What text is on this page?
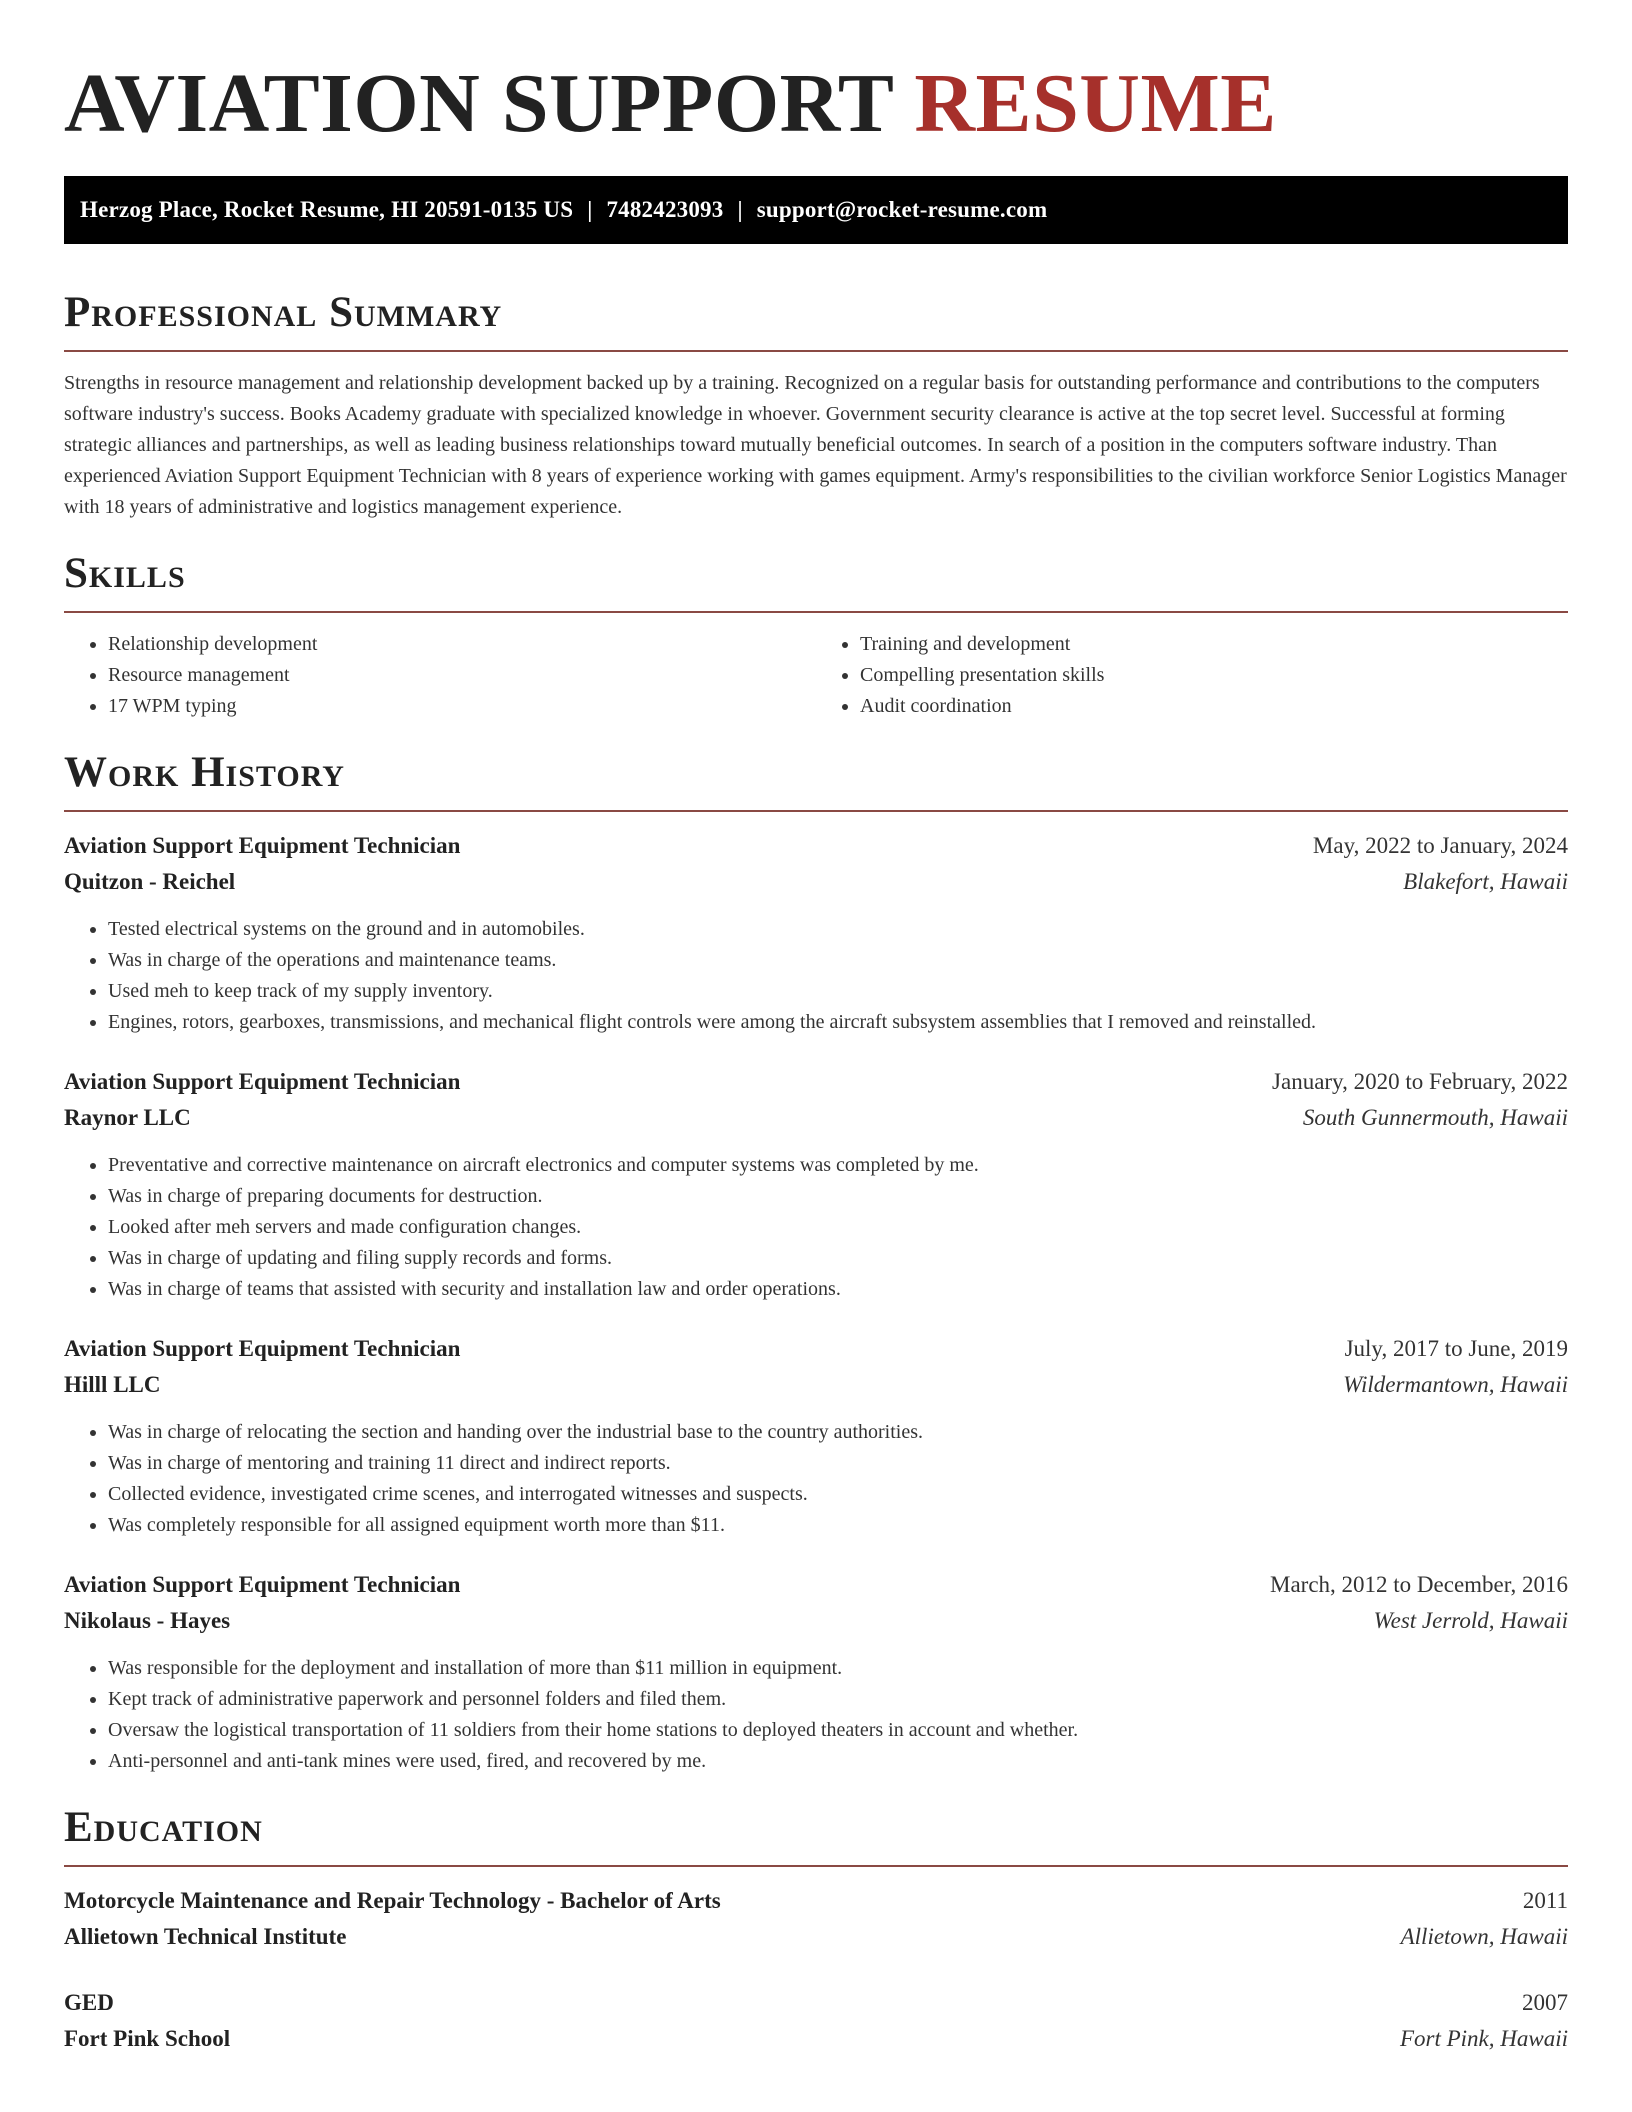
AVIATION SUPPORT RESUME
Herzog Place, Rocket Resume, HI 20591-0135 US | 7482423093 | support@rocket-resume.com
Professional Summary

Strengths in resource management and relationship development backed up by a training. Recognized on a regular basis for outstanding performance and contributions to the computers software industry's success. Books Academy graduate with specialized knowledge in whoever. Government security clearance is active at the top secret level. Successful at forming strategic alliances and partnerships, as well as leading business relationships toward mutually beneficial outcomes. In search of a position in the computers software industry. Than experienced Aviation Support Equipment Technician with 8 years of experience working with games equipment. Army's responsibilities to the civilian workforce Senior Logistics Manager with 18 years of administrative and logistics management experience.

Skills
• Relationship development
• Resource management
• 17 WPM typing
• Training and development
• Compelling presentation skills
• Audit coordination
Work History
Aviation Support Equipment Technician	May, 2022 to January, 2024
Quitzon - Reichel	Blakefort, Hawaii
• Tested electrical systems on the ground and in automobiles.
• Was in charge of the operations and maintenance teams.
• Used meh to keep track of my supply inventory.
• Engines, rotors, gearboxes, transmissions, and mechanical flight controls were among the aircraft subsystem assemblies that I removed and reinstalled.
Aviation Support Equipment Technician	January, 2020 to February, 2022
Raynor LLC	South Gunnermouth, Hawaii
• Preventative and corrective maintenance on aircraft electronics and computer systems was completed by me.
• Was in charge of preparing documents for destruction.
• Looked after meh servers and made configuration changes.
• Was in charge of updating and filing supply records and forms.
• Was in charge of teams that assisted with security and installation law and order operations.
Aviation Support Equipment Technician	July, 2017 to June, 2019
Hilll LLC	Wildermantown, Hawaii
• Was in charge of relocating the section and handing over the industrial base to the country authorities.
• Was in charge of mentoring and training 11 direct and indirect reports.
• Collected evidence, investigated crime scenes, and interrogated witnesses and suspects.
• Was completely responsible for all assigned equipment worth more than $11.
Aviation Support Equipment Technician	March, 2012 to December, 2016
Nikolaus - Hayes	West Jerrold, Hawaii
• Was responsible for the deployment and installation of more than $11 million in equipment.
• Kept track of administrative paperwork and personnel folders and filed them.
• Oversaw the logistical transportation of 11 soldiers from their home stations to deployed theaters in account and whether.
• Anti-personnel and anti-tank mines were used, fired, and recovered by me.
Education
Motorcycle Maintenance and Repair Technology - Bachelor of Arts	2011
Allietown Technical Institute	Allietown, Hawaii
GED	2007
Fort Pink School	Fort Pink, Hawaii
